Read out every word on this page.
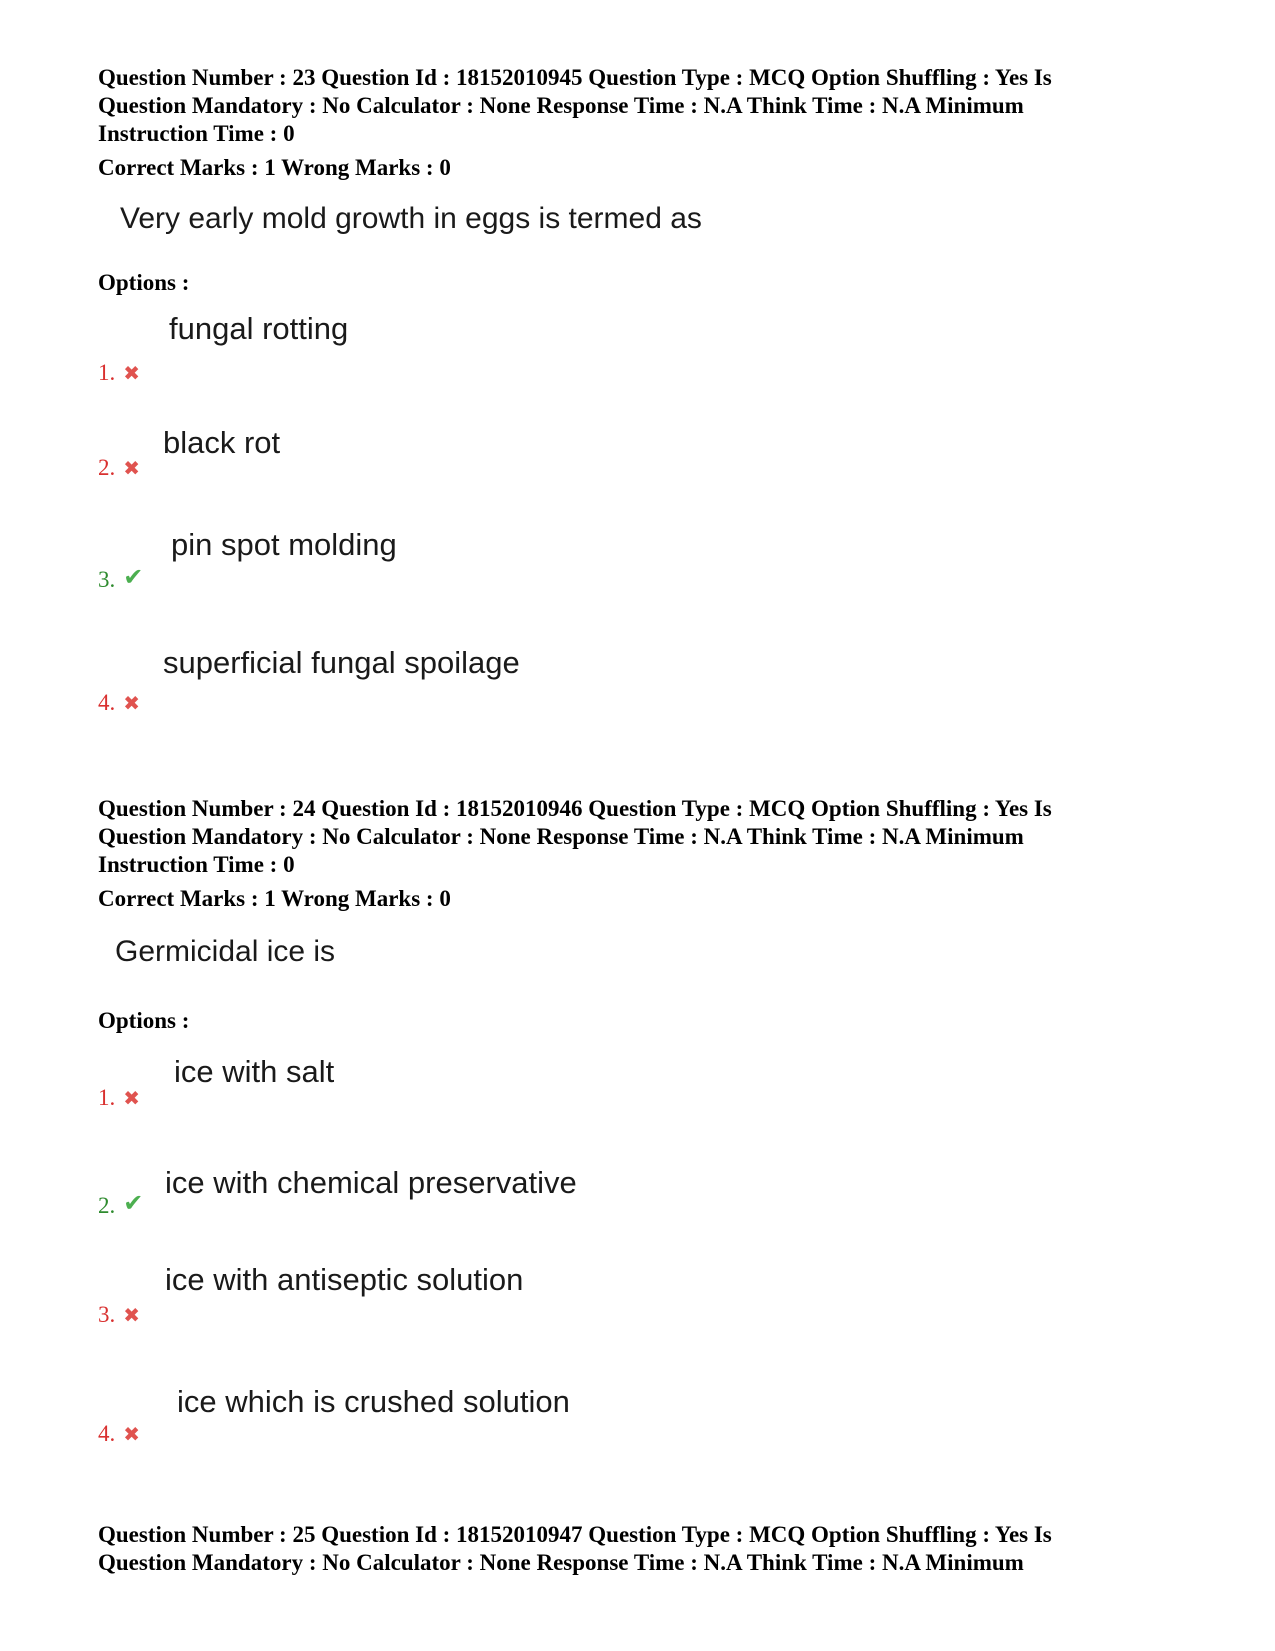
Question Number : 23 Question Id : 18152010945 Question Type : MCQ Option Shuffling : Yes Is

Question Mandatory : No Calculator : None Response Time : N.A Think Time : N.A Minimum

Instruction Time : 0

Correct Marks : 1 Wrong Marks : 0
Very early mold growth in eggs is termed as
Options :
fungal rotting
1. ✖
black rot
2. ✖
pin spot molding
3. ✔
superficial fungal spoilage
4. ✖

Question Number : 24 Question Id : 18152010946 Question Type : MCQ Option Shuffling : Yes Is

Question Mandatory : No Calculator : None Response Time : N.A Think Time : N.A Minimum

Instruction Time : 0

Correct Marks : 1 Wrong Marks : 0
Germicidal ice is
Options :
ice with salt
1. ✖
ice with chemical preservative
2. ✔
ice with antiseptic solution
3. ✖
ice which is crushed solution
4. ✖

Question Number : 25 Question Id : 18152010947 Question Type : MCQ Option Shuffling : Yes Is

Question Mandatory : No Calculator : None Response Time : N.A Think Time : N.A Minimum
